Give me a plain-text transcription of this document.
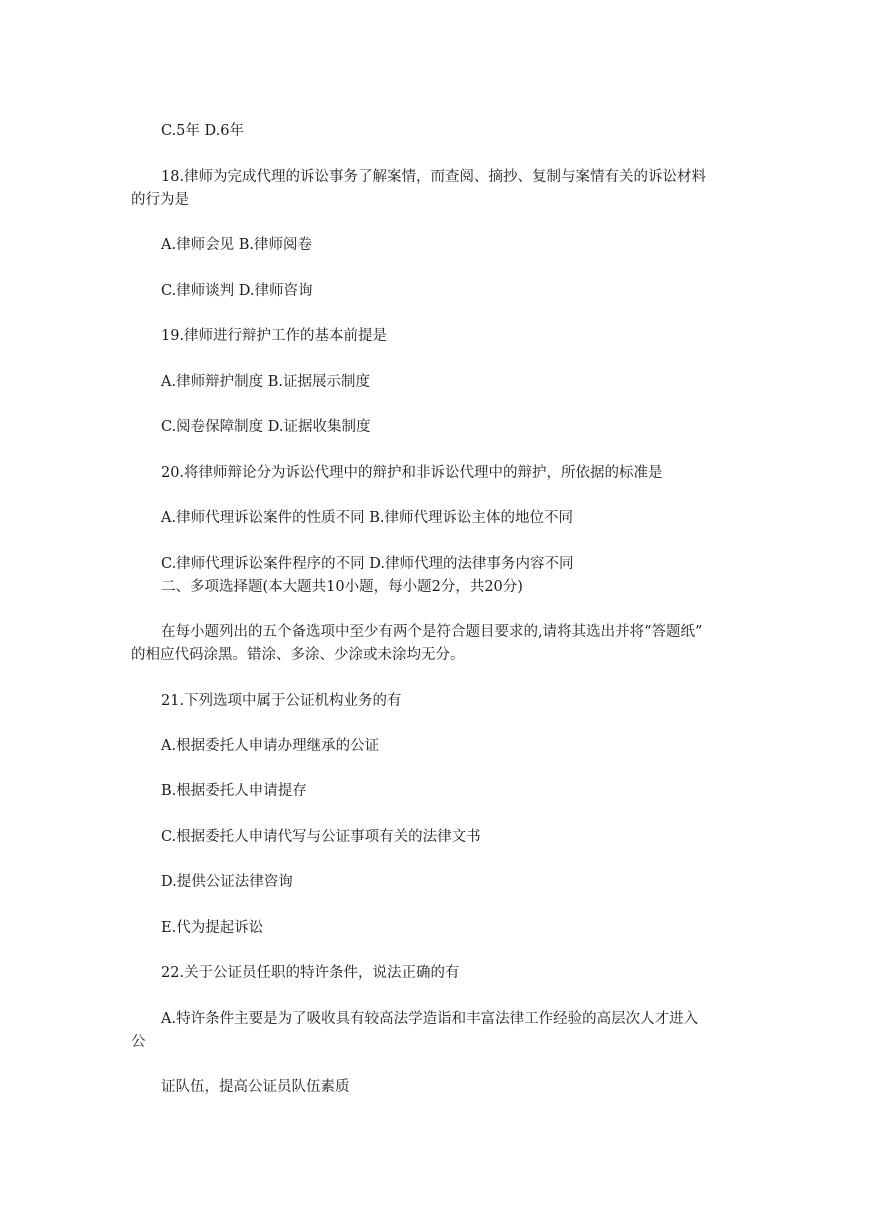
C.5年 D.6年

18.律师为完成代理的诉讼事务了解案情，而查阅、摘抄、复制与案情有关的诉讼材料

的行为是

A.律师会见 B.律师阅卷

C.律师谈判 D.律师咨询

19.律师进行辩护工作的基本前提是

A.律师辩护制度 B.证据展示制度

C.阅卷保障制度 D.证据收集制度

20.将律师辩论分为诉讼代理中的辩护和非诉讼代理中的辩护，所依据的标准是

A.律师代理诉讼案件的性质不同 B.律师代理诉讼主体的地位不同

C.律师代理诉讼案件程序的不同 D.律师代理的法律事务内容不同

二、多项选择题(本大题共10小题，每小题2分，共20分)

在每小题列出的五个备选项中至少有两个是符合题目要求的,请将其选出并将“答题纸”

的相应代码涂黑。错涂、多涂、少涂或未涂均无分。

21.下列选项中属于公证机构业务的有

A.根据委托人申请办理继承的公证

B.根据委托人申请提存

C.根据委托人申请代写与公证事项有关的法律文书

D.提供公证法律咨询

E.代为提起诉讼

22.关于公证员任职的特许条件，说法正确的有

A.特许条件主要是为了吸收具有较高法学造诣和丰富法律工作经验的高层次人才进入

公

证队伍，提高公证员队伍素质
